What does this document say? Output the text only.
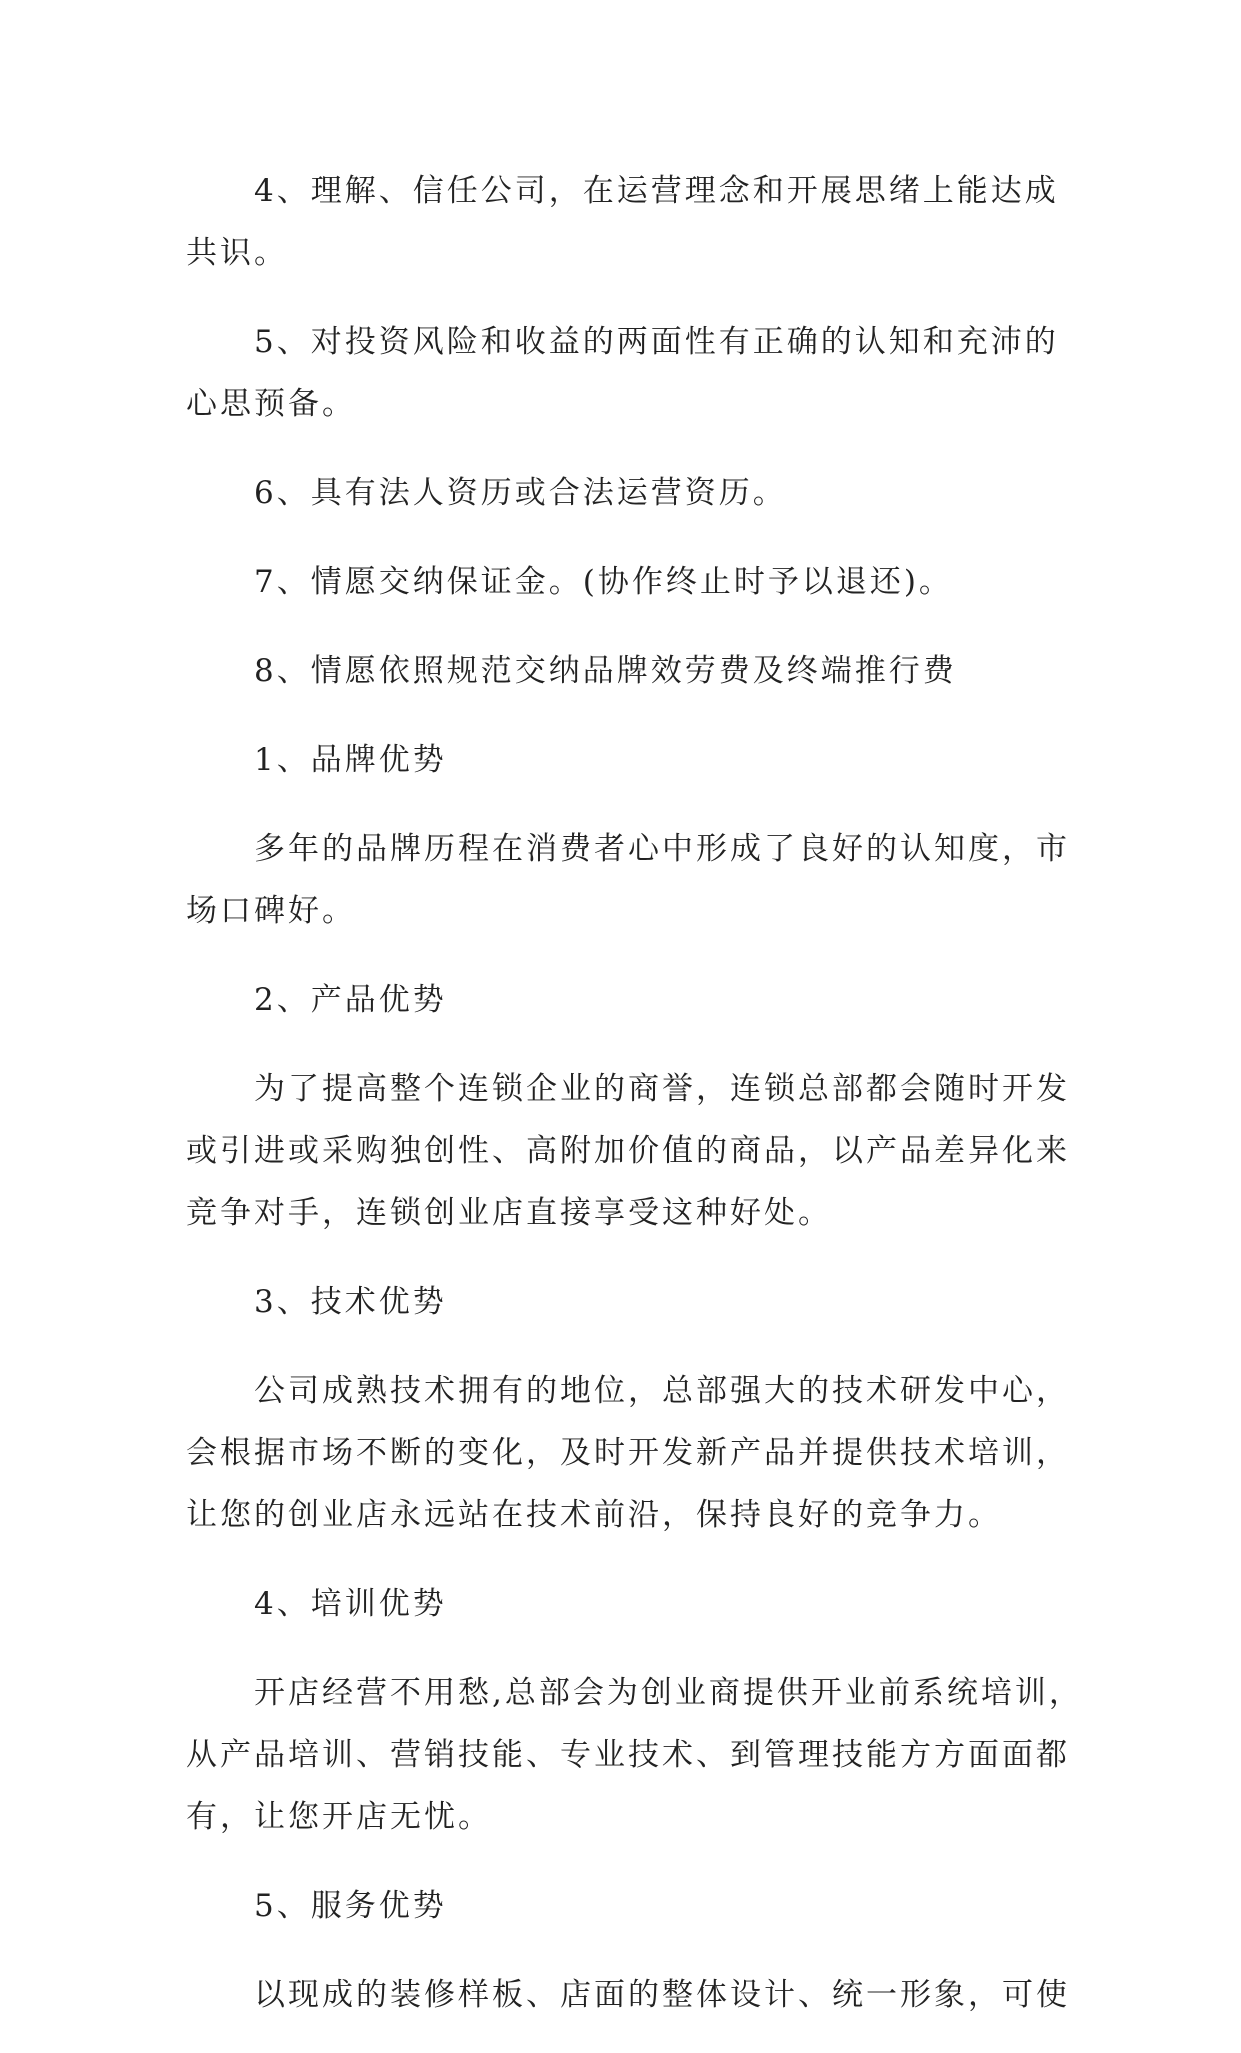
4、理解、信任公司，在运营理念和开展思绪上能达成
共识。
5、对投资风险和收益的两面性有正确的认知和充沛的
心思预备。
6、具有法人资历或合法运营资历。
7、情愿交纳保证金。(协作终止时予以退还)。
8、情愿依照规范交纳品牌效劳费及终端推行费
1、品牌优势
多年的品牌历程在消费者心中形成了良好的认知度，市
场口碑好。
2、产品优势
为了提高整个连锁企业的商誉，连锁总部都会随时开发
或引进或采购独创性、高附加价值的商品，以产品差异化来
竞争对手，连锁创业店直接享受这种好处。
3、技术优势
公司成熟技术拥有的地位，总部强大的技术研发中心，
会根据市场不断的变化，及时开发新产品并提供技术培训，
让您的创业店永远站在技术前沿，保持良好的竞争力。
4、培训优势
开店经营不用愁,总部会为创业商提供开业前系统培训，
从产品培训、营销技能、专业技术、到管理技能方方面面都
有，让您开店无忧。
5、服务优势
以现成的装修样板、店面的整体设计、统一形象，可使
